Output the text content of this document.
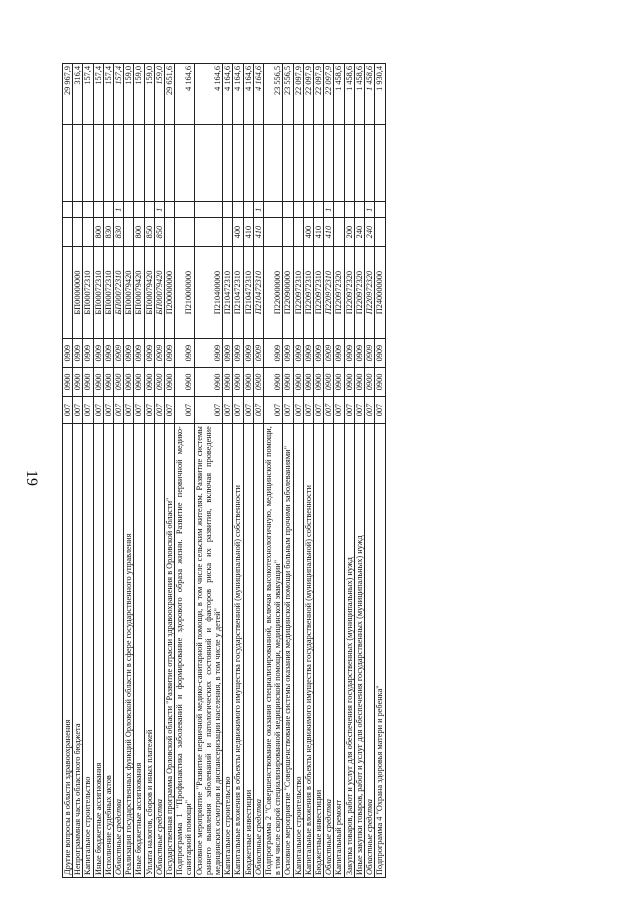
19
Другие вопросы в области здравоохранения	007	0900	0909					29 967,9
Непрограммная часть областного бюджета	007	0900	0909	БП00000000				316,4
Капитальное строительство	007	0900	0909	БП00072310				157,4
Иные бюджетные ассигнования	007	0900	0909	БП00072310	800			157,4
Исполнение судебных актов	007	0900	0909	БП00072310	830			157,4
Областные средства	007	0900	0909	БП00072310	830	1		157,4
Реализация государственных функций Орловской области в сфере государственного управления	007	0900	0909	БП00079420				159,0
Иные бюджетные ассигнования	007	0900	0909	БП00079420	800			159,0
Уплата налогов, сборов и иных платежей	007	0900	0909	БП00079420	850			159,0
Областные средства	007	0900	0909	БП00079420	850	1		159,0
Государственная программа Орловской области "Развитие отрасли здравоохранения в Орловской области"	007	0900	0909	П200000000				29 651,6
Подпрограмма 1 "Профилактика заболеваний и формирование здорового образа жизни. Развитие первичной медико-санитарной помощи"	007	0900	0909	П210000000				4 164,6
Основное мероприятие "Развитие первичной медико-санитарной помощи, в том числе сельским жителям. Развитие системы раннего выявления заболеваний и патологических состояний и факторов риска их развития, включая проведение медицинских осмотров и диспансеризации населения, в том числе у детей"	007	0900	0909	П210400000				4 164,6
Капитальное строительство	007	0900	0909	П210472310				4 164,6
Капитальные вложения в объекты недвижимого имущества государственной (муниципальной) собственности	007	0900	0909	П210472310	400			4 164,6
Бюджетные инвестиции	007	0900	0909	П210472310	410			4 164,6
Областные средства	007	0900	0909	П210472310	410	1		4 164,6
Подпрограмма 2 "Совершенствование оказания специализированной, включая высокотехнологичную, медицинской помощи, в том числе скорой специализированной медицинской помощи, медицинской эвакуации"	007	0900	0909	П220000000				23 556,5
Основное мероприятие "Совершенствование системы оказания медицинской помощи больным прочими заболеваниями"	007	0900	0909	П220900000				23 556,5
Капитальное строительство	007	0900	0909	П220972310				22 097,9
Капитальные вложения в объекты недвижимого имущества государственной (муниципальной) собственности	007	0900	0909	П220972310	400			22 097,9
Бюджетные инвестиции	007	0900	0909	П220972310	410			22 097,9
Областные средства	007	0900	0909	П220972310	410	1		22 097,9
Капитальный ремонт	007	0900	0909	П220972320				1 458,6
Закупка товаров, работ и услуг для обеспечения государственных (муниципальных) нужд	007	0900	0909	П220972320	200			1 458,6
Иные закупки товаров, работ и услуг для обеспечения государственных (муниципальных) нужд	007	0900	0909	П220972320	240			1 458,6
Областные средства	007	0900	0909	П220972320	240	1		1 458,6
Подпрограмма 4 "Охрана здоровья матери и ребенка"	007	0900	0909	П240000000				1 930,4
